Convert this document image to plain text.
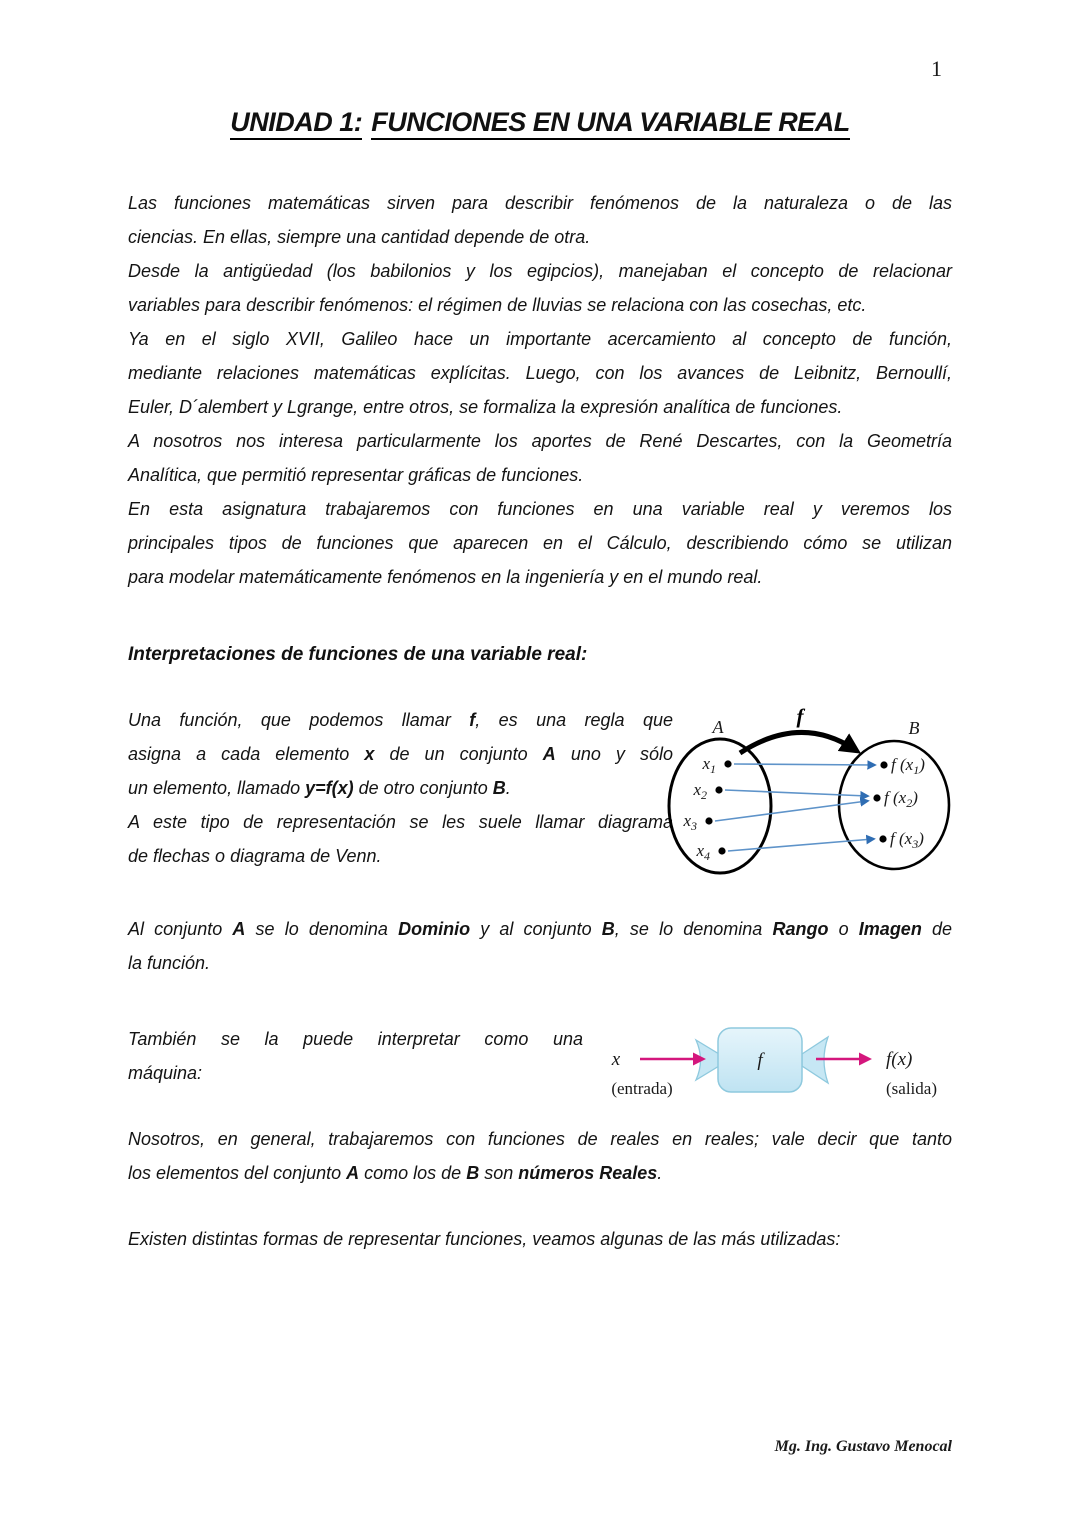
1
UNIDAD 1: FUNCIONES EN UNA VARIABLE REAL
Las funciones matemáticas sirven para describir fenómenos de la naturaleza o de las
ciencias. En ellas, siempre una cantidad depende de otra.
Desde la antigüedad (los babilonios y los egipcios), manejaban el concepto de relacionar
variables para describir fenómenos: el régimen de lluvias se relaciona con las cosechas, etc.
Ya en el siglo XVII, Galileo hace un importante acercamiento al concepto de función,
mediante relaciones matemáticas explícitas. Luego, con los avances de Leibnitz, Bernoullí,
Euler, D´alembert y Lgrange, entre otros, se formaliza la expresión analítica de funciones.
A nosotros nos interesa particularmente los aportes de René Descartes, con la Geometría
Analítica, que permitió representar gráficas de funciones.
En esta asignatura trabajaremos con funciones en una variable real y veremos los
principales tipos de funciones que aparecen en el Cálculo, describiendo cómo se utilizan
para modelar matemáticamente fenómenos en la ingeniería y en el mundo real.
Interpretaciones de funciones de una variable real:
Una función, que podemos llamar f, es una regla que
asigna a cada elemento x de un conjunto A uno y sólo
un elemento, llamado y=f(x) de otro conjunto B.
A este tipo de representación se les suele llamar diagrama
de flechas o diagrama de Venn.
A	B
f
$x_1$
$x_2$
$x_3$
$x_4$
f $(x_1)$
f $(x_2)$
f $(x_3)$
Al conjunto A se lo denomina Dominio y al conjunto B, se lo denomina Rango o Imagen de
la función.
También se la puede interpretar como una
máquina:
x
(entrada)
f	f(x)
(salida)
Nosotros, en general, trabajaremos con funciones de reales en reales; vale decir que tanto
los elementos del conjunto A como los de B son números Reales.
Existen distintas formas de representar funciones, veamos algunas de las más utilizadas:
Mg. Ing. Gustavo Menocal
